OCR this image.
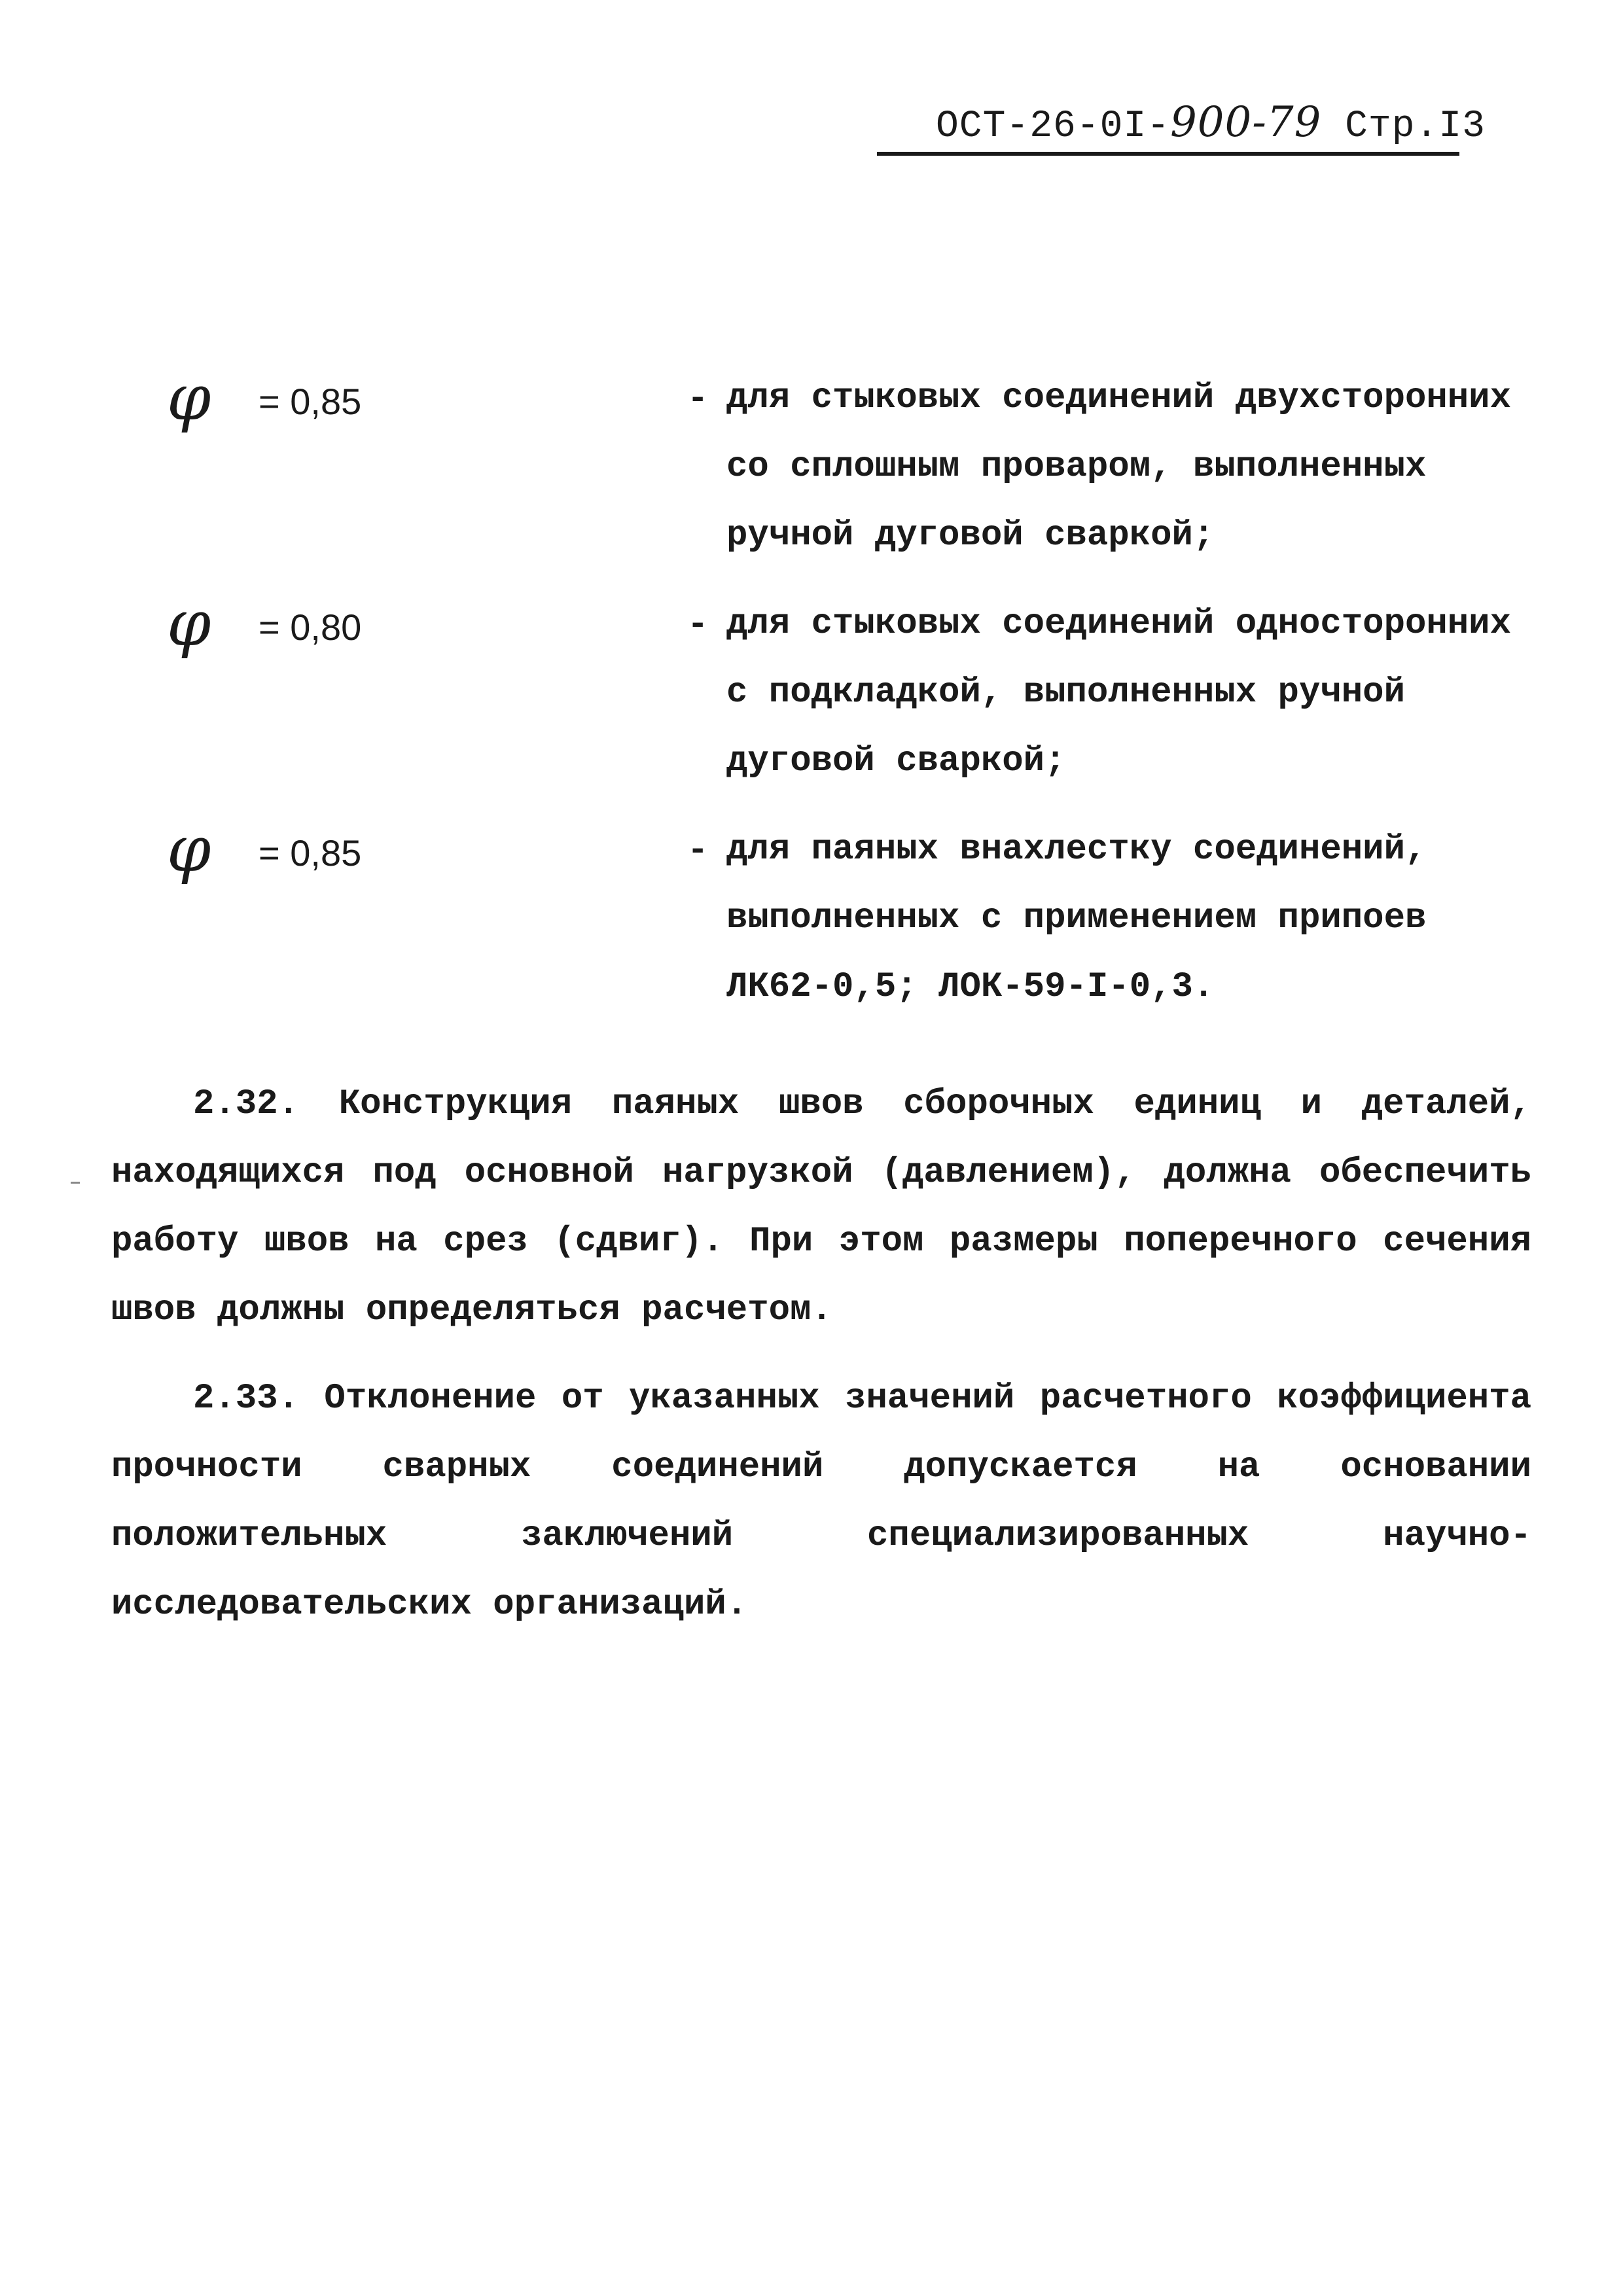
ОСТ-26-0I-900-79 Стр.I3
φ = 0,85	- для стыковых соединений двухсторонних со сплошным проваром, выполненных ручной дуговой сваркой;
φ = 0,80	- для стыковых соединений односторонних с подкладкой, выполненных ручной дуговой сваркой;
φ = 0,85	- для паяных внахлестку соединений, выполненных с применением припоев ЛК62-0,5; ЛОК-59-I-0,3.
2.32. Конструкция паяных швов сборочных единиц и деталей, находящихся под основной нагрузкой (давлением), должна обеспечить работу швов на срез (сдвиг). При этом размеры поперечного сечения швов должны определяться расчетом.
2.33. Отклонение от указанных значений расчетного коэффициента прочности сварных соединений допускается на основании положительных заключений специализированных научно-исследовательских организаций.
